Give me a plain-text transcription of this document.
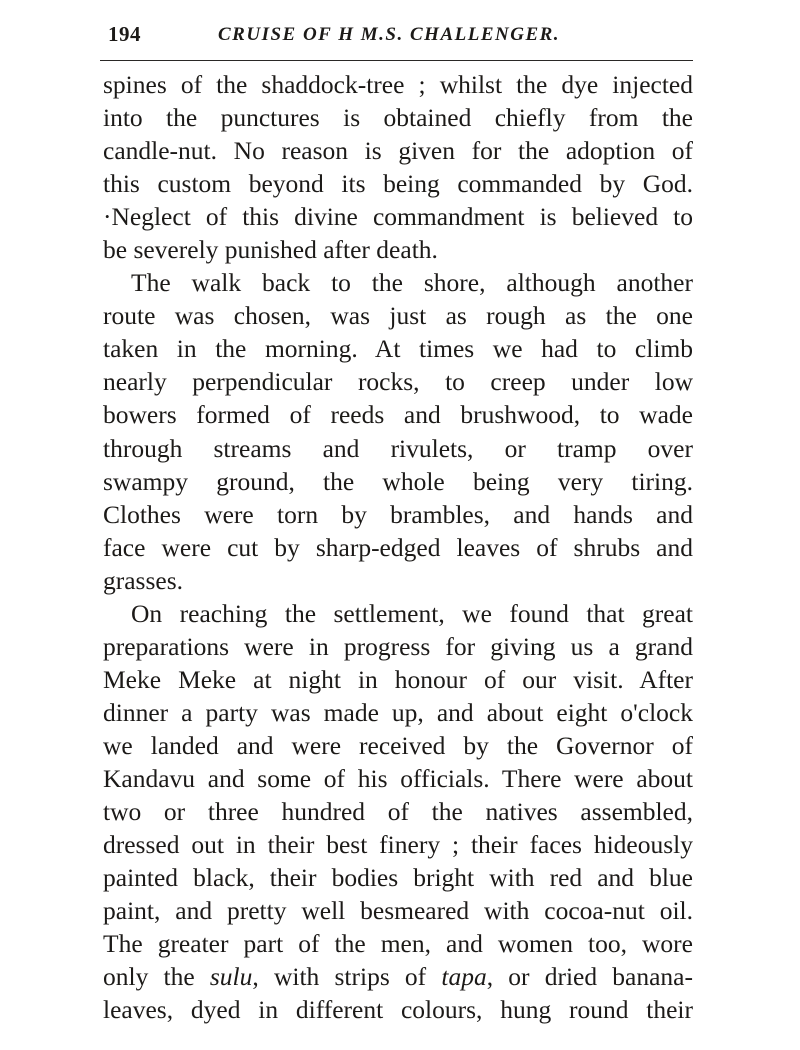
194	CRUISE OF H M.S. CHALLENGER.
spines of the shaddock-tree ; whilst the dye injected
into the punctures is obtained chiefly from the
candle-nut. No reason is given for the adoption of
this custom beyond its being commanded by God.
·Neglect of this divine commandment is believed to
be severely punished after death.
The walk back to the shore, although another
route was chosen, was just as rough as the one
taken in the morning. At times we had to climb
nearly perpendicular rocks, to creep under low
bowers formed of reeds and brushwood, to wade
through streams and rivulets, or tramp over
swampy ground, the whole being very tiring.
Clothes were torn by brambles, and hands and
face were cut by sharp-edged leaves of shrubs and
grasses.
On reaching the settlement, we found that great
preparations were in progress for giving us a grand
Meke Meke at night in honour of our visit. After
dinner a party was made up, and about eight o'clock
we landed and were received by the Governor of
Kandavu and some of his officials. There were about
two or three hundred of the natives assembled,
dressed out in their best finery ; their faces hideously
painted black, their bodies bright with red and blue
paint, and pretty well besmeared with cocoa-nut oil.
The greater part of the men, and women too, wore
only the sulu, with strips of tapa, or dried banana-
leaves, dyed in different colours, hung round their
